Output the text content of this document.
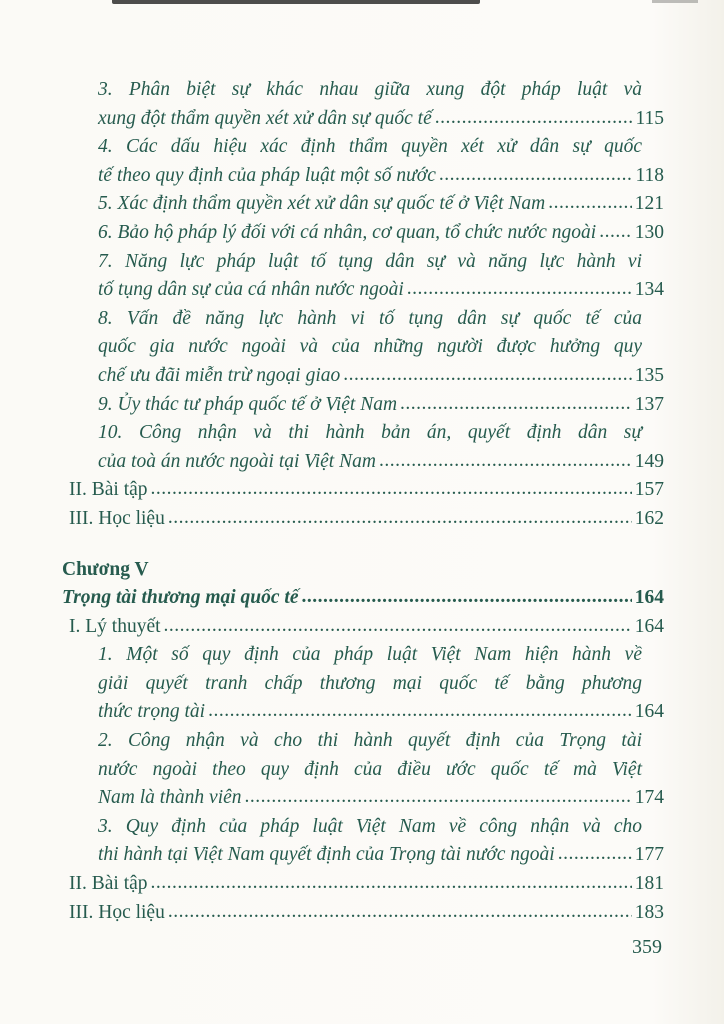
3. Phân biệt sự khác nhau giữa xung đột pháp luật và
xung đột thẩm quyền xét xử dân sự quốc tế .....	115
4. Các dấu hiệu xác định thẩm quyền xét xử dân sự quốc
tế theo quy định của pháp luật một số nước .....	118
5. Xác định thẩm quyền xét xử dân sự quốc tế ở Việt Nam .....	121
6. Bảo hộ pháp lý đối với cá nhân, cơ quan, tổ chức nước ngoài ..... 130
7. Năng lực pháp luật tố tụng dân sự và năng lực hành vi
tố tụng dân sự của cá nhân nước ngoài .....	134
8. Vấn đề năng lực hành vi tố tụng dân sự quốc tế của
quốc gia nước ngoài và của những người được hưởng quy
chế ưu đãi miễn trừ ngoại giao .....	135
9. Ủy thác tư pháp quốc tế ở Việt Nam .....	137
10. Công nhận và thi hành bản án, quyết định dân sự
của toà án nước ngoài tại Việt Nam .....	149
II. Bài tập .....	157
III. Học liệu .....	162
Chương V
Trọng tài thương mại quốc tế .....	164
I. Lý thuyết .....	164
1. Một số quy định của pháp luật Việt Nam hiện hành về
giải quyết tranh chấp thương mại quốc tế bằng phương
thức trọng tài .....	164
2. Công nhận và cho thi hành quyết định của Trọng tài
nước ngoài theo quy định của điều ước quốc tế mà Việt
Nam là thành viên .....	174
3. Quy định của pháp luật Việt Nam về công nhận và cho
thi hành tại Việt Nam quyết định của Trọng tài nước ngoài .....	177
II. Bài tập .....	181
III. Học liệu .....	183
359
